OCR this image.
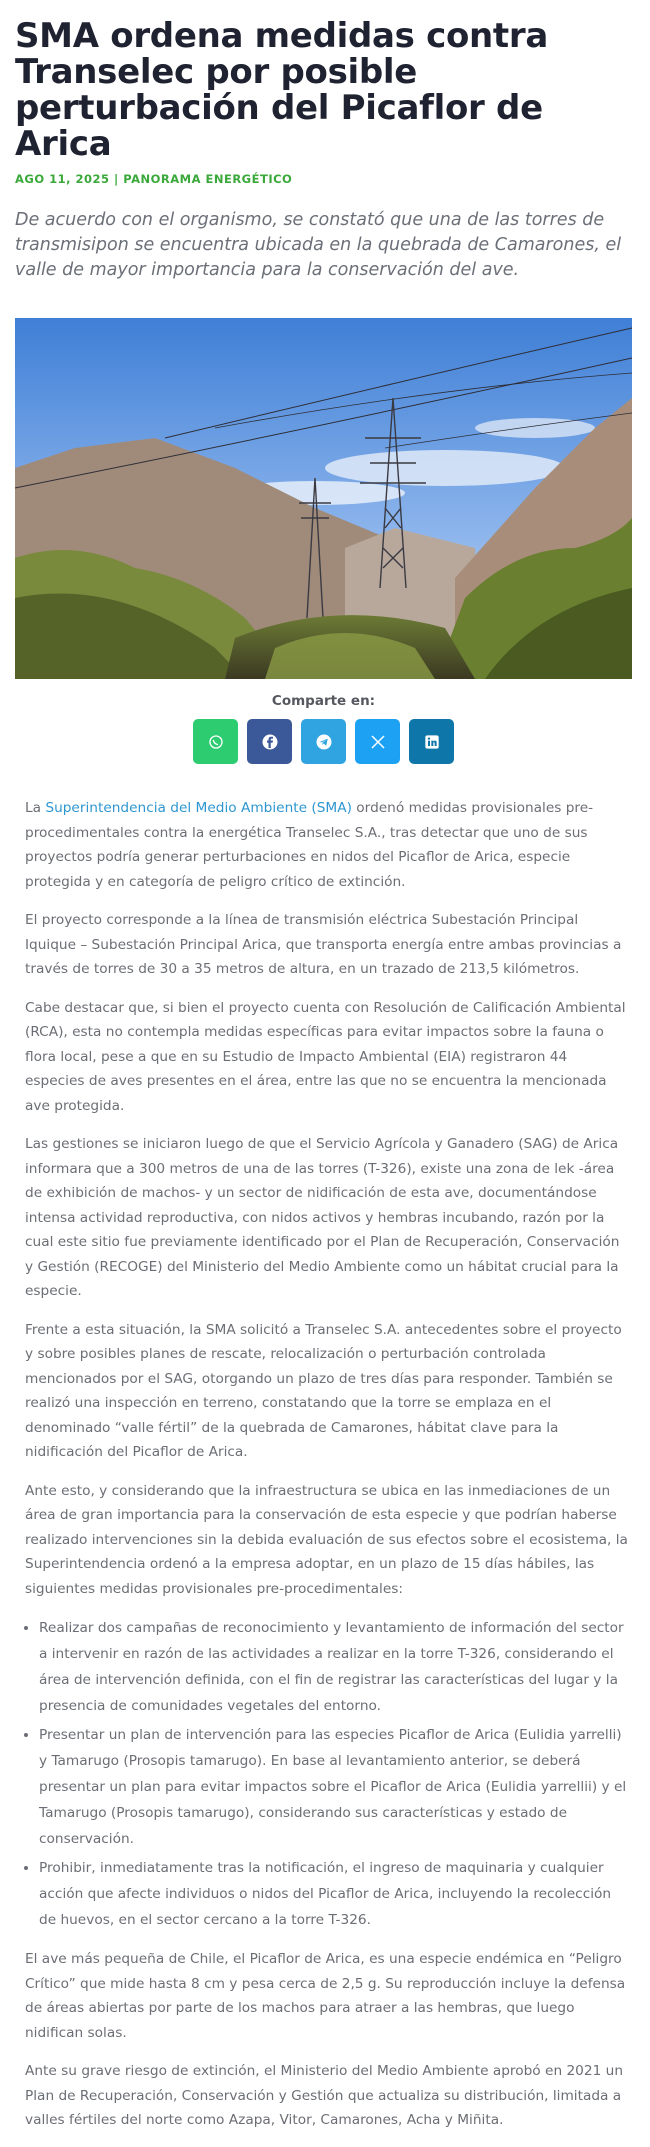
SMA ordena medidas contra Transelec por posible perturbación del Picaflor de Arica
AGO 11, 2025 | PANORAMA ENERGÉTICO
De acuerdo con el organismo, se constató que una de las torres de transmisipon se encuentra ubicada en la quebrada de Camarones, el valle de mayor importancia para la conservación del ave.
Comparte en:

La Superintendencia del Medio Ambiente (SMA) ordenó medidas provisionales pre-procedimentales contra la energética Transelec S.A., tras detectar que uno de sus proyectos podría generar perturbaciones en nidos del Picaflor de Arica, especie protegida y en categoría de peligro crítico de extinción.

El proyecto corresponde a la línea de transmisión eléctrica Subestación Principal Iquique – Subestación Principal Arica, que transporta energía entre ambas provincias a través de torres de 30 a 35 metros de altura, en un trazado de 213,5 kilómetros.

Cabe destacar que, si bien el proyecto cuenta con Resolución de Calificación Ambiental (RCA), esta no contempla medidas específicas para evitar impactos sobre la fauna o flora local, pese a que en su Estudio de Impacto Ambiental (EIA) registraron 44 especies de aves presentes en el área, entre las que no se encuentra la mencionada ave protegida.

Las gestiones se iniciaron luego de que el Servicio Agrícola y Ganadero (SAG) de Arica informara que a 300 metros de una de las torres (T-326), existe una zona de lek -área de exhibición de machos- y un sector de nidificación de esta ave, documentándose intensa actividad reproductiva, con nidos activos y hembras incubando, razón por la cual este sitio fue previamente identificado por el Plan de Recuperación, Conservación y Gestión (RECOGE) del Ministerio del Medio Ambiente como un hábitat crucial para la especie.

Frente a esta situación, la SMA solicitó a Transelec S.A. antecedentes sobre el proyecto y sobre posibles planes de rescate, relocalización o perturbación controlada mencionados por el SAG, otorgando un plazo de tres días para responder. También se realizó una inspección en terreno, constatando que la torre se emplaza en el denominado “valle fértil” de la quebrada de Camarones, hábitat clave para la nidificación del Picaflor de Arica.

Ante esto, y considerando que la infraestructura se ubica en las inmediaciones de un área de gran importancia para la conservación de esta especie y que podrían haberse realizado intervenciones sin la debida evaluación de sus efectos sobre el ecosistema, la Superintendencia ordenó a la empresa adoptar, en un plazo de 15 días hábiles, las siguientes medidas provisionales pre-procedimentales:

• Realizar dos campañas de reconocimiento y levantamiento de información del sector a intervenir en razón de las actividades a realizar en la torre T-326, considerando el área de intervención definida, con el fin de registrar las características del lugar y la presencia de comunidades vegetales del entorno.
• Presentar un plan de intervención para las especies Picaflor de Arica (Eulidia yarrelli) y Tamarugo (Prosopis tamarugo). En base al levantamiento anterior, se deberá presentar un plan para evitar impactos sobre el Picaflor de Arica (Eulidia yarrellii) y el Tamarugo (Prosopis tamarugo), considerando sus características y estado de conservación.
• Prohibir, inmediatamente tras la notificación, el ingreso de maquinaria y cualquier acción que afecte individuos o nidos del Picaflor de Arica, incluyendo la recolección de huevos, en el sector cercano a la torre T-326.

El ave más pequeña de Chile, el Picaflor de Arica, es una especie endémica en “Peligro Crítico” que mide hasta 8 cm y pesa cerca de 2,5 g. Su reproducción incluye la defensa de áreas abiertas por parte de los machos para atraer a las hembras, que luego nidifican solas.

Ante su grave riesgo de extinción, el Ministerio del Medio Ambiente aprobó en 2021 un Plan de Recuperación, Conservación y Gestión que actualiza su distribución, limitada a valles fértiles del norte como Azapa, Vitor, Camarones, Acha y Miñita.
